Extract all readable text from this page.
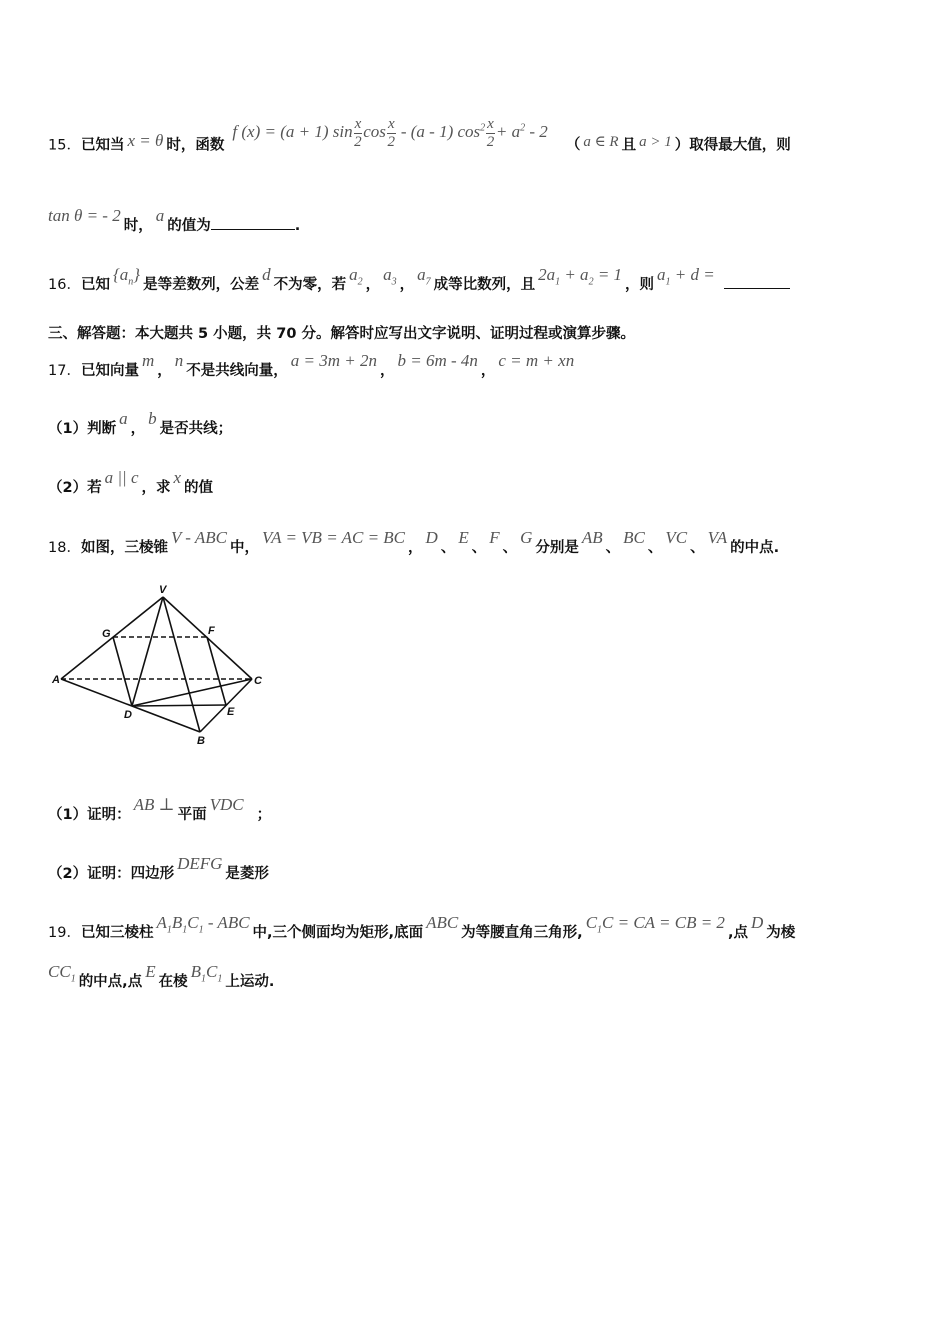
15．已知当 x = θ 时，函数 f (x) = (a + 1) $\sin \frac{x}{2}$ $\cos \frac{x}{2} - (a - 1)$ $\cos^2 \frac{x}{2} + a^2 - 2$ （ a ∈ R 且 a > 1 ）取得最大值，则
tan θ = - 2时，a的值为	.
16．已知$\{a_n\}$是等差数列，公差d不为零，若$a_2$ ，$a_3$ ，$a_7$ 成等比数列，且$2a_1 + a_2 = 1$，则$a_1 + d$ =
三、解答题：本大题共 5 小题，共 70 分。解答时应写出文字说明、证明过程或演算步骤。
17．已知向量m，n不是共线向量，a = 3m + 2n，b = 6m - 4n，c = m + xn
（1）判断a，b是否共线；
（2）若a || c，求x的值
18．如图，三棱锥V - ABC中，VA = VB = AC = BC，D、E、F、G分别是AB、BC、VC、VA的中点.
V
G	F
A	C
D	E
B
（1）证明：AB ⊥平面VDC；
（2）证明：四边形DEFG是菱形
19．已知三棱柱$A_1B_1C_1$ - ABC中,三个侧面均为矩形,底面ABC为等腰直角三角形$,C_1C$ = CA = CB = 2,点D为棱
$CC_1$ 的中点,点E在棱$B_1C_1$ 上运动.
